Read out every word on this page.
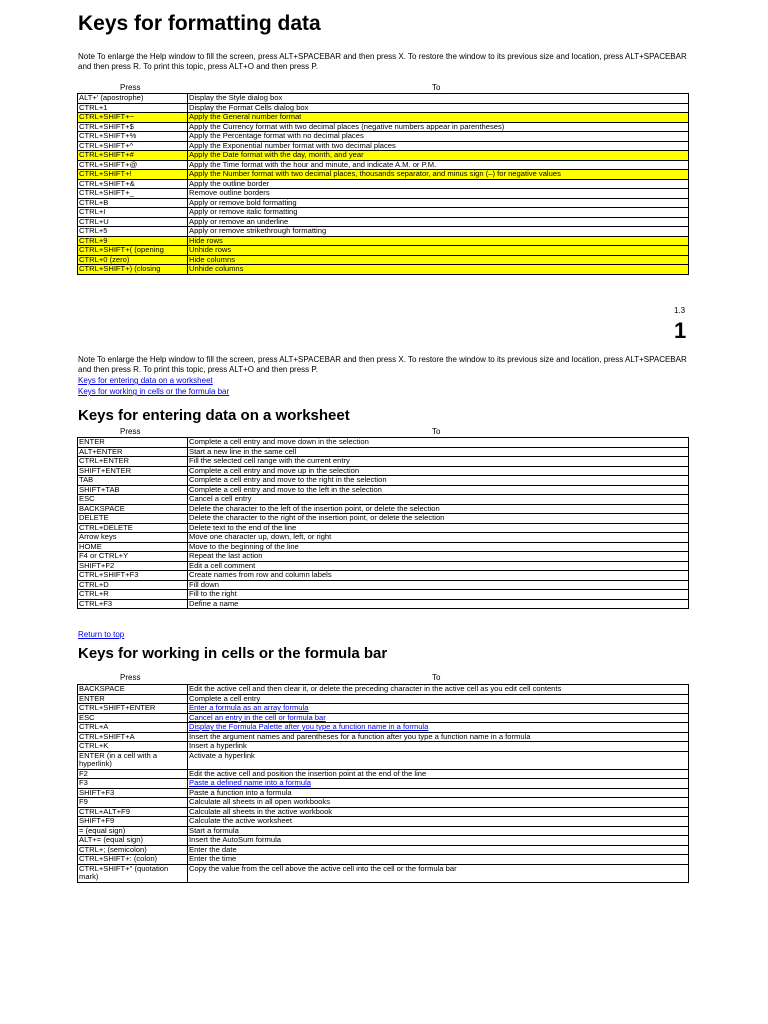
Keys for formatting data
Note To enlarge the Help window to fill the screen, press ALT+SPACEBAR and then press X. To restore the window to its previous size and location, press ALT+SPACEBAR and then press R. To print this topic, press ALT+O and then press P.
Press	To
ALT+' (apostrophe)	Display the Style dialog box
CTRL+1	Display the Format Cells dialog box
CTRL+SHIFT+~	Apply the General number format
CTRL+SHIFT+$	Apply the Currency format with two decimal places (negative numbers appear in parentheses)
CTRL+SHIFT+%	Apply the Percentage format with no decimal places
CTRL+SHIFT+^	Apply the Exponential number format with two decimal places
CTRL+SHIFT+#	Apply the Date format with the day, month, and year
CTRL+SHIFT+@	Apply the Time format with the hour and minute, and indicate A.M. or P.M.
CTRL+SHIFT+!	Apply the Number format with two decimal places, thousands separator, and minus sign (–) for negative values
CTRL+SHIFT+&	Apply the outline border
CTRL+SHIFT+_	Remove outline borders
CTRL+B	Apply or remove bold formatting
CTRL+I	Apply or remove italic formatting
CTRL+U	Apply or remove an underline
CTRL+5	Apply or remove strikethrough formatting
CTRL+9	Hide rows
CTRL+SHIFT+( (opening	Unhide rows
CTRL+0 (zero)	Hide columns
CTRL+SHIFT+) (closing	Unhide columns
1.3
1
Note To enlarge the Help window to fill the screen, press ALT+SPACEBAR and then press X. To restore the window to its previous size and location, press ALT+SPACEBAR and then press R. To print this topic, press ALT+O and then press P.
Keys for entering data on a worksheet
Keys for working in cells or the formula bar
Keys for entering data on a worksheet
Press	To
ENTER	Complete a cell entry and move down in the selection
ALT+ENTER	Start a new line in the same cell
CTRL+ENTER	Fill the selected cell range with the current entry
SHIFT+ENTER	Complete a cell entry and move up in the selection
TAB	Complete a cell entry and move to the right in the selection
SHIFT+TAB	Complete a cell entry and move to the left in the selection
ESC	Cancel a cell entry
BACKSPACE	Delete the character to the left of the insertion point, or delete the selection
DELETE	Delete the character to the right of the insertion point, or delete the selection
CTRL+DELETE	Delete text to the end of the line
Arrow keys	Move one character up, down, left, or right
HOME	Move to the beginning of the line
F4 or CTRL+Y	Repeat the last action
SHIFT+F2	Edit a cell comment
CTRL+SHIFT+F3	Create names from row and column labels
CTRL+D	Fill down
CTRL+R	Fill to the right
CTRL+F3	Define a name
Return to top
Keys for working in cells or the formula bar
Press	To
BACKSPACE	Edit the active cell and then clear it, or delete the preceding character in the active cell as you edit cell contents
ENTER	Complete a cell entry
CTRL+SHIFT+ENTER	Enter a formula as an array formula
ESC	Cancel an entry in the cell or formula bar
CTRL+A	Display the Formula Palette after you type a function name in a formula
CTRL+SHIFT+A	Insert the argument names and parentheses for a function after you type a function name in a formula
CTRL+K	Insert a hyperlink
ENTER (in a cell with a hyperlink)	Activate a hyperlink
F2	Edit the active cell and position the insertion point at the end of the line
F3	Paste a defined name into a formula
SHIFT+F3	Paste a function into a formula
F9	Calculate all sheets in all open workbooks
CTRL+ALT+F9	Calculate all sheets in the active workbook
SHIFT+F9	Calculate the active worksheet
= (equal sign)	Start a formula
ALT+= (equal sign)	Insert the AutoSum formula
CTRL+; (semicolon)	Enter the date
CTRL+SHIFT+: (colon)	Enter the time
CTRL+SHIFT+" (quotation mark)	Copy the value from the cell above the active cell into the cell or the formula bar
